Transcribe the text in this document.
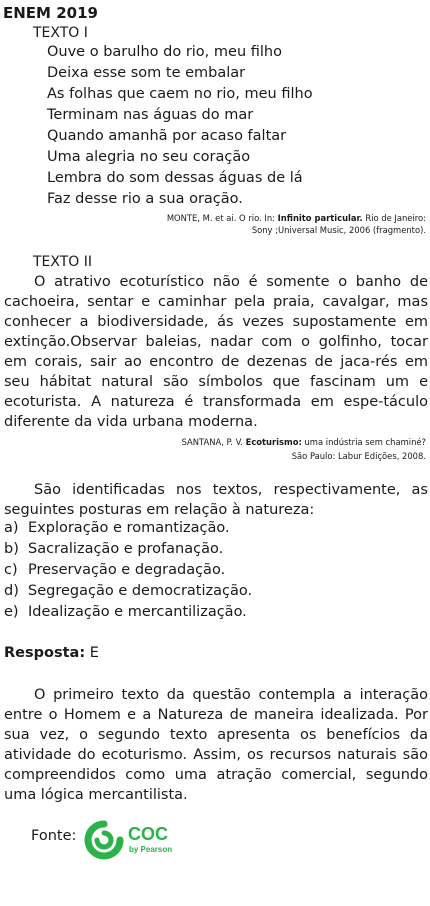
ENEM 2019
TEXTO I
Ouve o barulho do rio, meu filho
Deixa esse som te embalar
As folhas que caem no rio, meu filho
Terminam nas águas do mar
Quando amanhã por acaso faltar
Uma alegria no seu coração
Lembra do som dessas águas de lá
Faz desse rio a sua oração.
MONTE, M. et ai. O rio. In: Infinito particular. Rio de Janeiro:
Sony ;Universal Music, 2006 (fragmento).
TEXTO II
O atrativo ecoturístico não é somente o banho de cachoeira, sentar e caminhar pela praia, cavalgar, mas conhecer a biodiversidade, ás vezes supostamente em extinção.Observar baleias, nadar com o golfinho, tocar em corais, sair ao encontro de dezenas de jaca-rés em seu hábitat natural são símbolos que fascinam um e ecoturista. A natureza é transformada em espe-táculo diferente da vida urbana moderna.
SANTANA, P. V. Ecoturismo: uma indústria sem chaminé?
São Paulo: Labur Edições, 2008.
São identificadas nos textos, respectivamente, as seguintes posturas em relação à natureza:
a) Exploração e romantização.
b) Sacralização e profanação.
c) Preservação e degradação.
d) Segregação e democratização.
e) Idealização e mercantilização.
Resposta: E
O primeiro texto da questão contempla a interação entre o Homem e a Natureza de maneira idealizada. Por sua vez, o segundo texto apresenta os benefícios da atividade do ecoturismo. Assim, os recursos naturais são compreendidos como uma atração comercial, segundo uma lógica mercantilista.
Fonte:	COC
by Pearson
